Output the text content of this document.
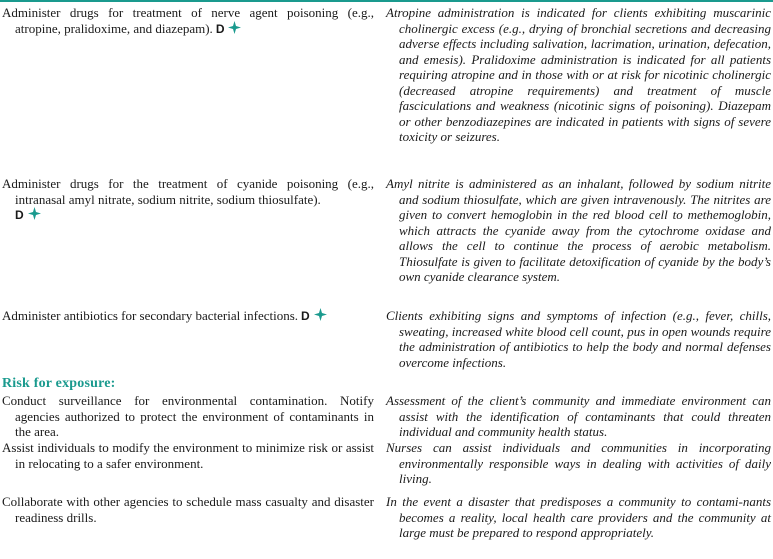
Administer drugs for treatment of nerve agent poisoning (e.g., atropine, pralidoxime, and diazepam). D

Atropine administration is indicated for clients exhibiting muscarinic cholinergic excess (e.g., drying of bronchial secretions and decreasing adverse effects including salivation, lacrimation, urination, defecation, and emesis). Pralidoxime administration is indicated for all patients requiring atropine and in those with or at risk for nicotinic cholinergic (decreased atropine requirements) and treatment of muscle fasciculations and weakness (nicotinic signs of poisoning). Diazepam or other benzodiazepines are indicated in patients with signs of severe toxicity or seizures.

Administer drugs for the treatment of cyanide poisoning (e.g., intranasal amyl nitrate, sodium nitrite, sodium thiosulfate).
D

Amyl nitrite is administered as an inhalant, followed by sodium nitrite and sodium thiosulfate, which are given intravenously. The nitrites are given to convert hemoglobin in the red blood cell to methemoglobin, which attracts the cyanide away from the cytochrome oxidase and allows the cell to continue the process of aerobic metabolism. Thiosulfate is given to facilitate detoxification of cyanide by the body’s own cyanide clearance system.

Administer antibiotics for secondary bacterial infections. D	Clients exhibiting signs and symptoms of infection (e.g., fever, chills, sweating, increased white blood cell count, pus in open wounds require the administration of antibiotics to help the body and normal defenses overcome infections.

Risk for exposure:

Conduct surveillance for environmental contamination. Notify agencies authorized to protect the environment of contaminants in the area.

Assessment of the client’s community and immediate environment can assist with the identification of contaminants that could threaten individual and community health status.

Assist individuals to modify the environment to minimize risk or assist in relocating to a safer environment.

Nurses can assist individuals and communities in incorporating environmentally responsible ways in dealing with activities of daily living.

Collaborate with other agencies to schedule mass casualty and disaster readiness drills.

In the event a disaster that predisposes a community to contami-nants becomes a reality, local health care providers and the community at large must be prepared to respond appropriately.
